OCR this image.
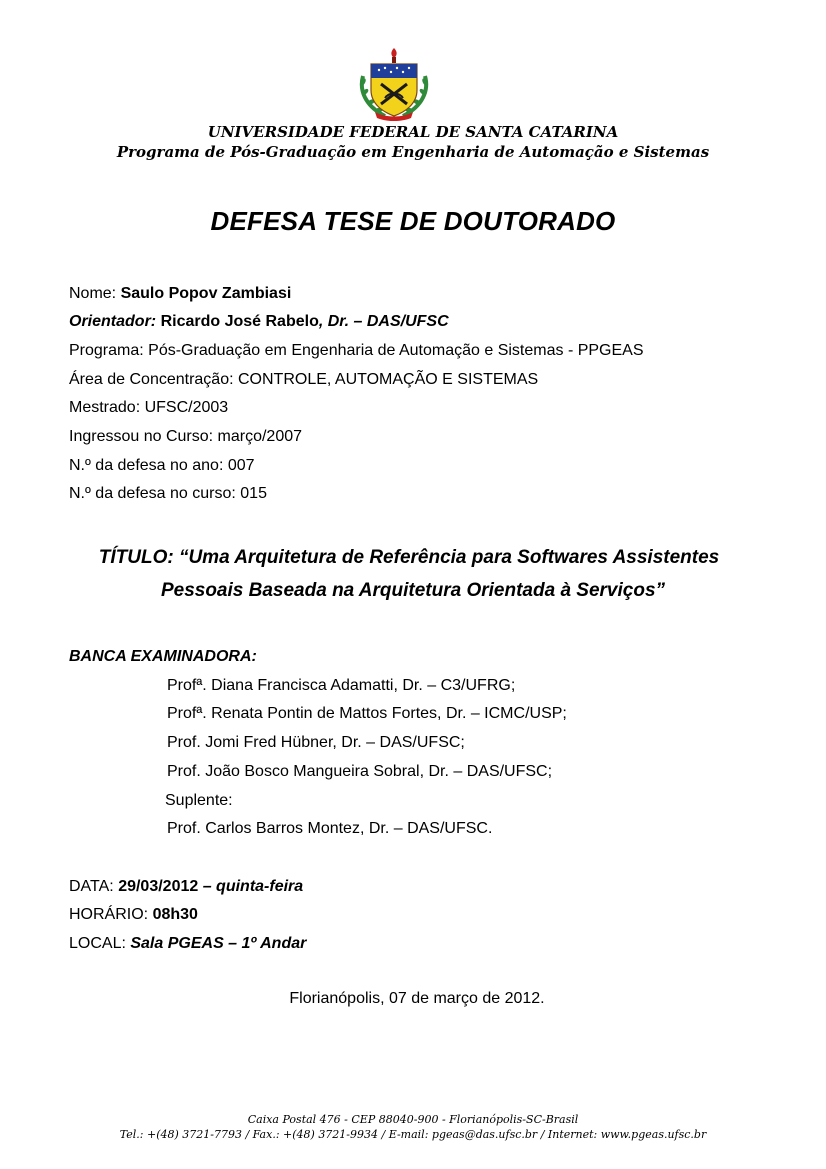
UNIVERSIDADE FEDERAL DE SANTA CATARINA
Programa de Pós-Graduação em Engenharia de Automação e Sistemas
DEFESA TESE DE DOUTORADO
Nome: Saulo Popov Zambiasi
Orientador: Ricardo José Rabelo, Dr. – DAS/UFSC
Programa: Pós-Graduação em Engenharia de Automação e Sistemas - PPGEAS
Área de Concentração: CONTROLE, AUTOMAÇÃO E SISTEMAS
Mestrado: UFSC/2003
Ingressou no Curso: março/2007
N.º da defesa no ano: 007
N.º da defesa no curso: 015
TÍTULO: “Uma Arquitetura de Referência para Softwares Assistentes
Pessoais Baseada na Arquitetura Orientada à Serviços”
BANCA EXAMINADORA:
Profª. Diana Francisca Adamatti, Dr. – C3/UFRG;
Profª. Renata Pontin de Mattos Fortes, Dr. – ICMC/USP;
Prof. Jomi Fred Hübner, Dr. – DAS/UFSC;
Prof. João Bosco Mangueira Sobral, Dr. – DAS/UFSC;
Suplente:
Prof. Carlos Barros Montez, Dr. – DAS/UFSC.
DATA: 29/03/2012 – quinta-feira
HORÁRIO: 08h30
LOCAL: Sala PGEAS – 1º Andar
Florianópolis, 07 de março de 2012.
Caixa Postal 476 - CEP 88040-900 - Florianópolis-SC-Brasil
Tel.: +(48) 3721-7793 / Fax.: +(48) 3721-9934 / E-mail: pgeas@das.ufsc.br / Internet: www.pgeas.ufsc.br
